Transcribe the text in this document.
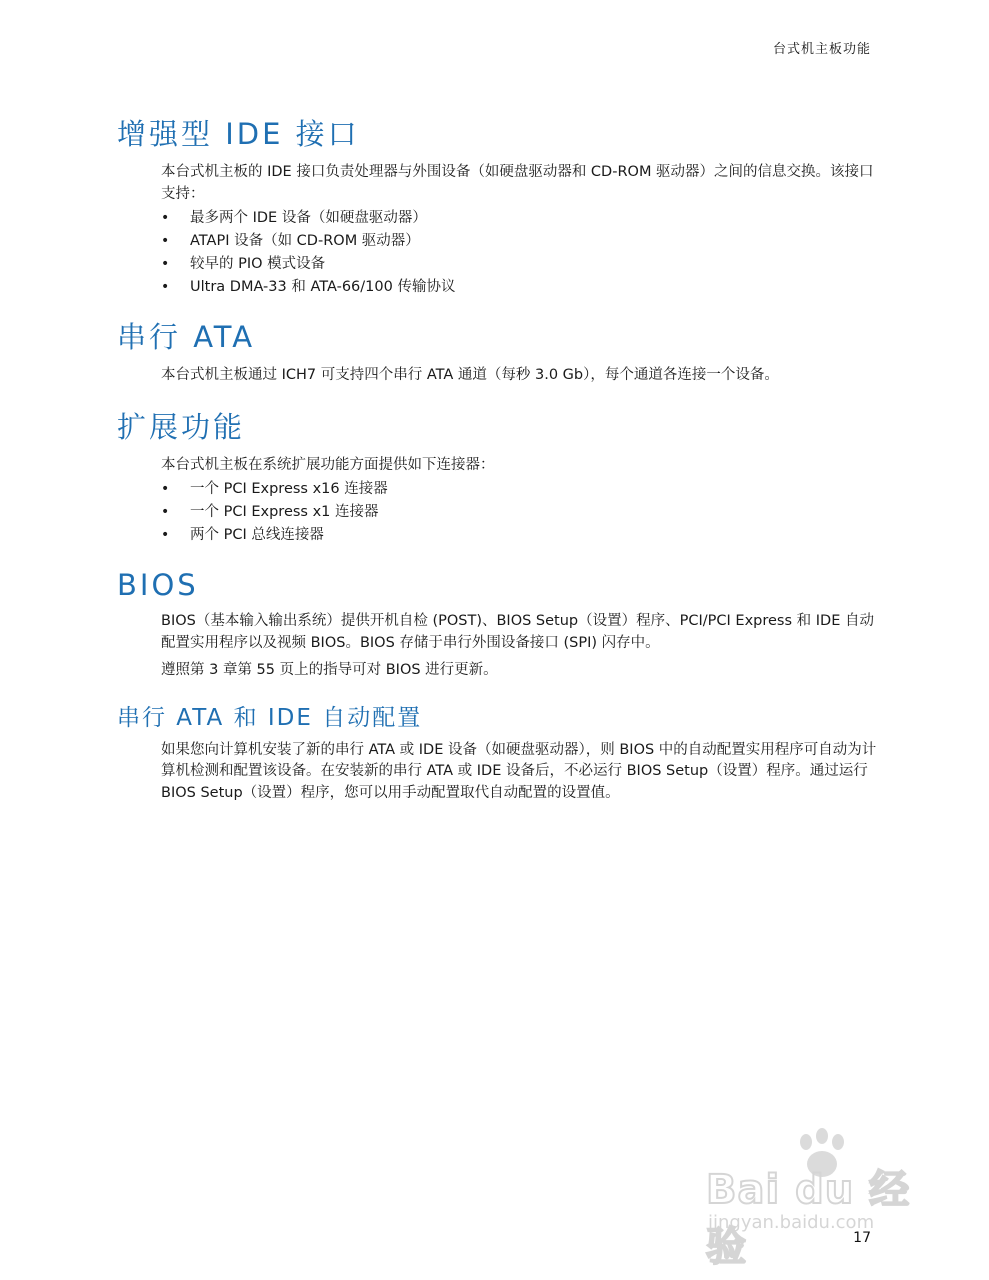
台式机主板功能
增强型 IDE 接口

本台式机主板的 IDE 接口负责处理器与外围设备（如硬盘驱动器和 CD-ROM 驱动器）之间的信息交换。该接口支持：

• 最多两个 IDE 设备（如硬盘驱动器）
• ATAPI 设备（如 CD-ROM 驱动器）
• 较早的 PIO 模式设备
• Ultra DMA-33 和 ATA-66/100 传输协议
串行 ATA

本台式机主板通过 ICH7 可支持四个串行 ATA 通道（每秒 3.0 Gb），每个通道各连接一个设备。

扩展功能

本台式机主板在系统扩展功能方面提供如下连接器：

• 一个 PCI Express x16 连接器
• 一个 PCI Express x1 连接器
• 两个 PCI 总线连接器
BIOS

BIOS（基本输入输出系统）提供开机自检 (POST)、BIOS Setup（设置）程序、PCI/PCI Express 和 IDE 自动配置实用程序以及视频 BIOS。BIOS 存储于串行外围设备接口 (SPI) 闪存中。

遵照第 3 章第 55 页上的指导可对 BIOS 进行更新。

串行 ATA 和 IDE 自动配置

如果您向计算机安装了新的串行 ATA 或 IDE 设备（如硬盘驱动器），则 BIOS 中的自动配置实用程序可自动为计算机检测和配置该设备。在安装新的串行 ATA 或 IDE 设备后，不必运行 BIOS Setup（设置）程序。通过运行 BIOS Setup（设置）程序，您可以用手动配置取代自动配置的设置值。

Bai du 经验
jingyan.baidu.com
17
